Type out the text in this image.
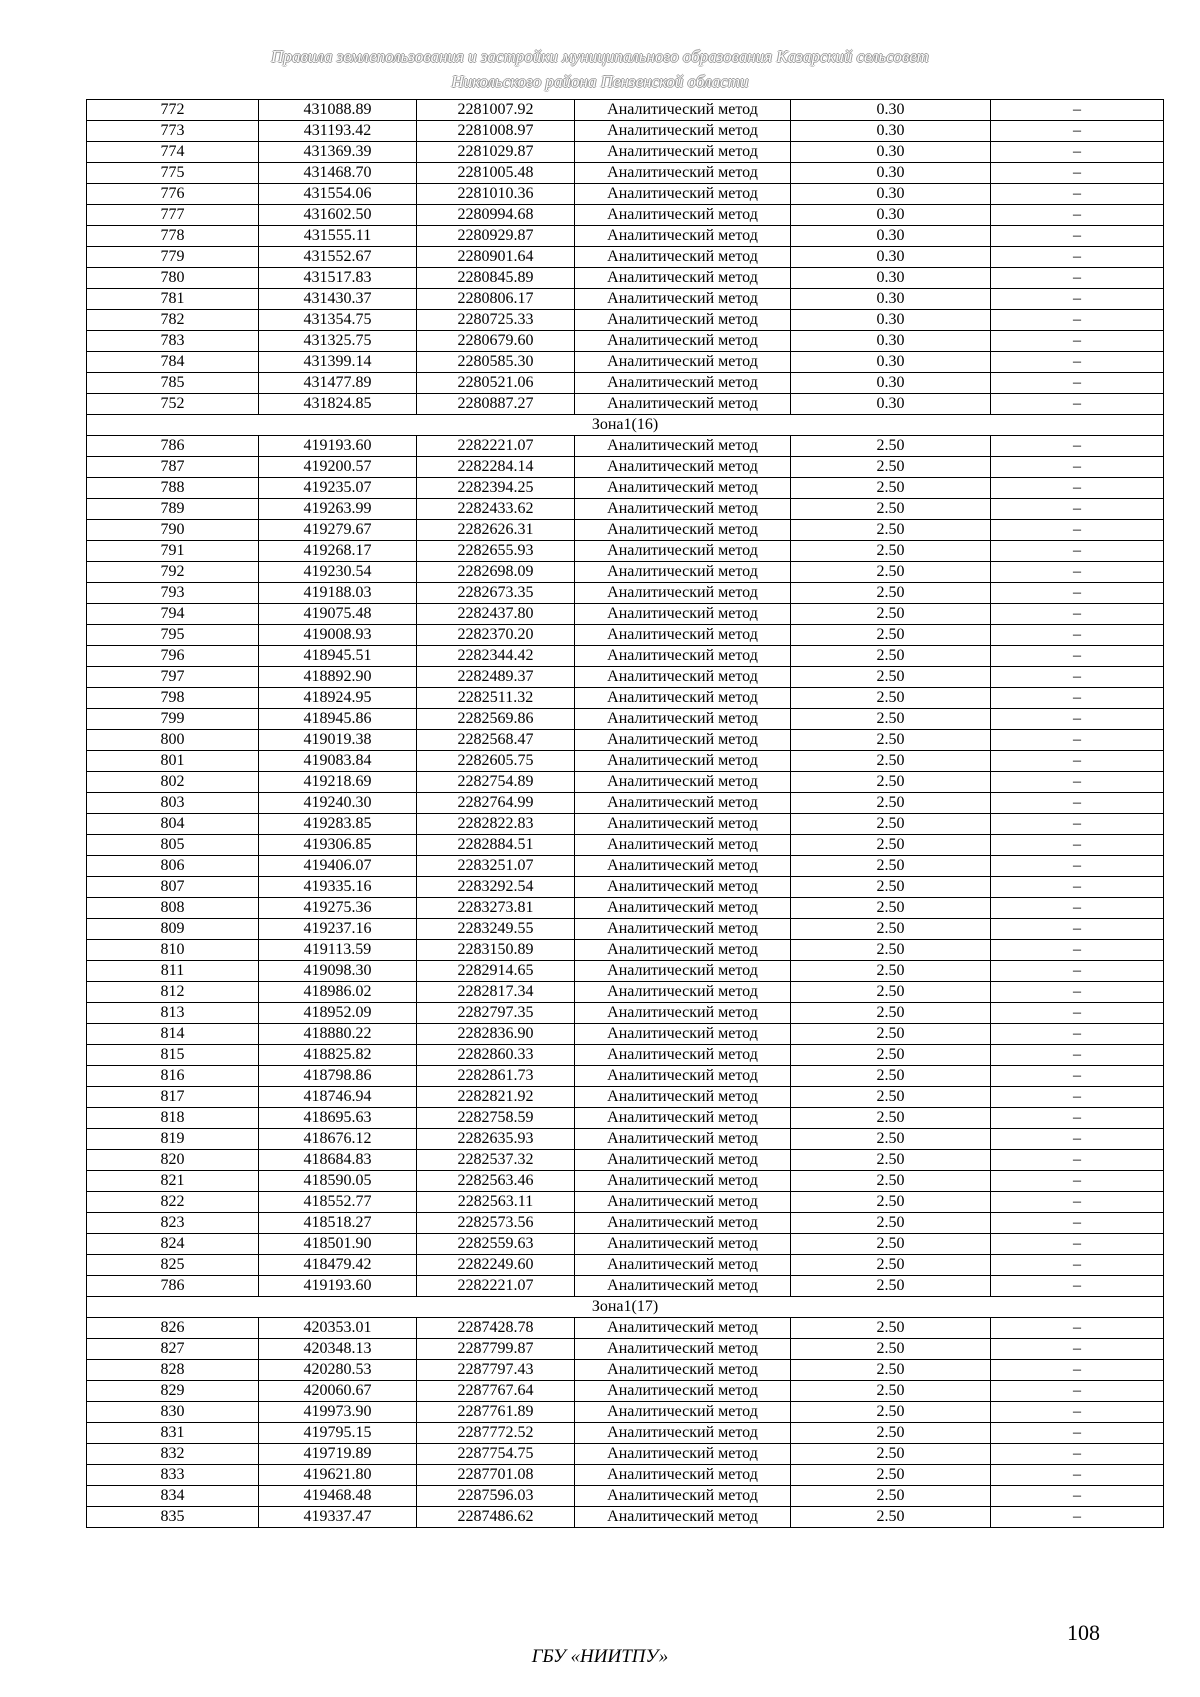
Правила землепользования и застройки муниципального образования Казарский сельсовет
Никольского района Пензенской области
772	431088.89	2281007.92	Аналитический метод	0.30	–
773	431193.42	2281008.97	Аналитический метод	0.30	–
774	431369.39	2281029.87	Аналитический метод	0.30	–
775	431468.70	2281005.48	Аналитический метод	0.30	–
776	431554.06	2281010.36	Аналитический метод	0.30	–
777	431602.50	2280994.68	Аналитический метод	0.30	–
778	431555.11	2280929.87	Аналитический метод	0.30	–
779	431552.67	2280901.64	Аналитический метод	0.30	–
780	431517.83	2280845.89	Аналитический метод	0.30	–
781	431430.37	2280806.17	Аналитический метод	0.30	–
782	431354.75	2280725.33	Аналитический метод	0.30	–
783	431325.75	2280679.60	Аналитический метод	0.30	–
784	431399.14	2280585.30	Аналитический метод	0.30	–
785	431477.89	2280521.06	Аналитический метод	0.30	–
752	431824.85	2280887.27	Аналитический метод	0.30	–
Зона1(16)					
786	419193.60	2282221.07	Аналитический метод	2.50	–
787	419200.57	2282284.14	Аналитический метод	2.50	–
788	419235.07	2282394.25	Аналитический метод	2.50	–
789	419263.99	2282433.62	Аналитический метод	2.50	–
790	419279.67	2282626.31	Аналитический метод	2.50	–
791	419268.17	2282655.93	Аналитический метод	2.50	–
792	419230.54	2282698.09	Аналитический метод	2.50	–
793	419188.03	2282673.35	Аналитический метод	2.50	–
794	419075.48	2282437.80	Аналитический метод	2.50	–
795	419008.93	2282370.20	Аналитический метод	2.50	–
796	418945.51	2282344.42	Аналитический метод	2.50	–
797	418892.90	2282489.37	Аналитический метод	2.50	–
798	418924.95	2282511.32	Аналитический метод	2.50	–
799	418945.86	2282569.86	Аналитический метод	2.50	–
800	419019.38	2282568.47	Аналитический метод	2.50	–
801	419083.84	2282605.75	Аналитический метод	2.50	–
802	419218.69	2282754.89	Аналитический метод	2.50	–
803	419240.30	2282764.99	Аналитический метод	2.50	–
804	419283.85	2282822.83	Аналитический метод	2.50	–
805	419306.85	2282884.51	Аналитический метод	2.50	–
806	419406.07	2283251.07	Аналитический метод	2.50	–
807	419335.16	2283292.54	Аналитический метод	2.50	–
808	419275.36	2283273.81	Аналитический метод	2.50	–
809	419237.16	2283249.55	Аналитический метод	2.50	–
810	419113.59	2283150.89	Аналитический метод	2.50	–
811	419098.30	2282914.65	Аналитический метод	2.50	–
812	418986.02	2282817.34	Аналитический метод	2.50	–
813	418952.09	2282797.35	Аналитический метод	2.50	–
814	418880.22	2282836.90	Аналитический метод	2.50	–
815	418825.82	2282860.33	Аналитический метод	2.50	–
816	418798.86	2282861.73	Аналитический метод	2.50	–
817	418746.94	2282821.92	Аналитический метод	2.50	–
818	418695.63	2282758.59	Аналитический метод	2.50	–
819	418676.12	2282635.93	Аналитический метод	2.50	–
820	418684.83	2282537.32	Аналитический метод	2.50	–
821	418590.05	2282563.46	Аналитический метод	2.50	–
822	418552.77	2282563.11	Аналитический метод	2.50	–
823	418518.27	2282573.56	Аналитический метод	2.50	–
824	418501.90	2282559.63	Аналитический метод	2.50	–
825	418479.42	2282249.60	Аналитический метод	2.50	–
786	419193.60	2282221.07	Аналитический метод	2.50	–
Зона1(17)					
826	420353.01	2287428.78	Аналитический метод	2.50	–
827	420348.13	2287799.87	Аналитический метод	2.50	–
828	420280.53	2287797.43	Аналитический метод	2.50	–
829	420060.67	2287767.64	Аналитический метод	2.50	–
830	419973.90	2287761.89	Аналитический метод	2.50	–
831	419795.15	2287772.52	Аналитический метод	2.50	–
832	419719.89	2287754.75	Аналитический метод	2.50	–
833	419621.80	2287701.08	Аналитический метод	2.50	–
834	419468.48	2287596.03	Аналитический метод	2.50	–
835	419337.47	2287486.62	Аналитический метод	2.50	–
108
ГБУ «НИИТПУ»
